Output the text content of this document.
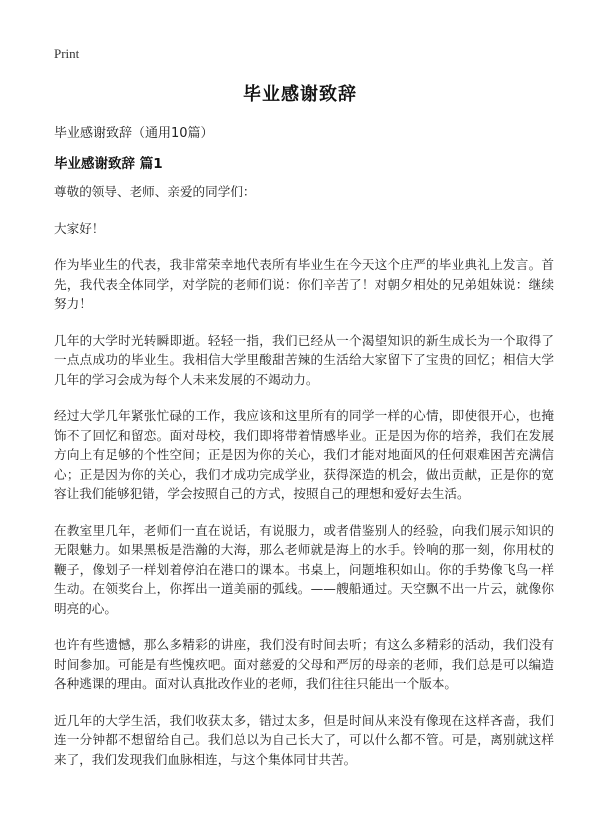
Print
毕业感谢致辞
毕业感谢致辞（通用10篇）
毕业感谢致辞 篇1

尊敬的领导、老师、亲爱的同学们：

大家好！

作为毕业生的代表，我非常荣幸地代表所有毕业生在今天这个庄严的毕业典礼上发言。首先，我代表全体同学，对学院的老师们说：你们辛苦了！对朝夕相处的兄弟姐妹说：继续努力！

几年的大学时光转瞬即逝。轻轻一指，我们已经从一个渴望知识的新生成长为一个取得了一点点成功的毕业生。我相信大学里酸甜苦辣的生活给大家留下了宝贵的回忆；相信大学几年的学习会成为每个人未来发展的不竭动力。

经过大学几年紧张忙碌的工作，我应该和这里所有的同学一样的心情，即使很开心，也掩饰不了回忆和留恋。面对母校，我们即将带着情感毕业。正是因为你的培养，我们在发展方向上有足够的个性空间；正是因为你的关心，我们才能对地面风的任何艰难困苦充满信心；正是因为你的关心，我们才成功完成学业，获得深造的机会，做出贡献，正是你的宽容让我们能够犯错，学会按照自己的方式，按照自己的理想和爱好去生活。

在教室里几年，老师们一直在说话，有说服力，或者借鉴别人的经验，向我们展示知识的无限魅力。如果黑板是浩瀚的大海，那么老师就是海上的水手。铃响的那一刻，你用杖的鞭子，像划子一样划着停泊在港口的课本。书桌上，问题堆积如山。你的手势像飞鸟一样生动。在领奖台上，你挥出一道美丽的弧线。——艘船通过。天空飘不出一片云，就像你明亮的心。

也许有些遗憾，那么多精彩的讲座，我们没有时间去听；有这么多精彩的活动，我们没有时间参加。可能是有些愧疚吧。面对慈爱的父母和严厉的母亲的老师，我们总是可以编造各种逃课的理由。面对认真批改作业的老师，我们往往只能出一个版本。

近几年的大学生活，我们收获太多，错过太多，但是时间从来没有像现在这样吝啬，我们连一分钟都不想留给自己。我们总以为自己长大了，可以什么都不管。可是，离别就这样来了，我们发现我们血脉相连，与这个集体同甘共苦。
